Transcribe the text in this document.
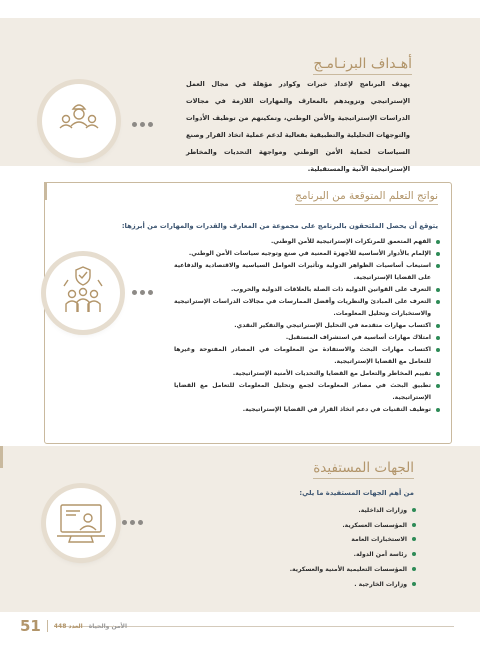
أهـداف البرنـامـج

يهدف البرنامج لإعداد خبرات وكوادر مؤهلة في مجال العمل الإستراتيجي وتزويدهم بالمعارف والمهارات اللازمة في مجالات الدراسات الإستراتيجية والأمن الوطني، وتمكينهم من توظيف الأدوات والتوجهات التحليلية والتطبيقية بفعالية لدعم عملية اتخاذ القرار وصنع السياسات لحماية الأمن الوطني ومواجهة التحديات والمخاطر الإستراتيجية الآنية والمستقبلية.

نواتج التعلم المتوقعة من البرنامج
يتوقع أن يحصل الملتحقون بالبرنامج على مجموعة من المعارف والقدرات والمهارات من أبرزها:
الفهم المتعمق للمرتكزات الإستراتيجية للأمن الوطني.
الإلمام بالأدوار الأساسية للأجهزة المعنية في صنع وتوجيه سياسات الأمن الوطني.
استيعاب أساسيات الظواهر الدولية وتأثيرات العوامل السياسية والاقتصادية والدفاعية على القضايا الإستراتيجية.
التعرف على القوانين الدولية ذات الصلة بالعلاقات الدولية والحروب.
التعرف على المبادئ والنظريات وأفضل الممارسات في مجالات الدراسات الإستراتيجية والاستخبارات وتحليل المعلومات.
اكتساب مهارات متقدمة في التحليل الإستراتيجي والتفكير النقدي.
امتلاك مهارات أساسية في استشراف المستقبل.
اكتساب مهارات البحث والاستفادة من المعلومات في المصادر المفتوحة وغيرها للتعامل مع القضايا الإستراتيجية.
تقييم المخاطر والتعامل مع القضايا والتحديات الأمنية الإستراتيجية.
تطبيق البحث في مصادر المعلومات لجمع وتحليل المعلومات للتعامل مع القضايا الإستراتيجية.
توظيف التقنيات في دعم اتخاذ القرار في القضايا الإستراتيجية.
الجهات المستفيدة
من أهم الجهات المستفيدة ما يلي:
وزارات الداخلية.
المؤسسات العسكرية.
الاستخبارات العامة
رئاسة أمن الدولة.
المؤسسات التعليمية الأمنية والعسكرية.
وزارات الخارجية .
51 448 العدد الأمن والحياة
